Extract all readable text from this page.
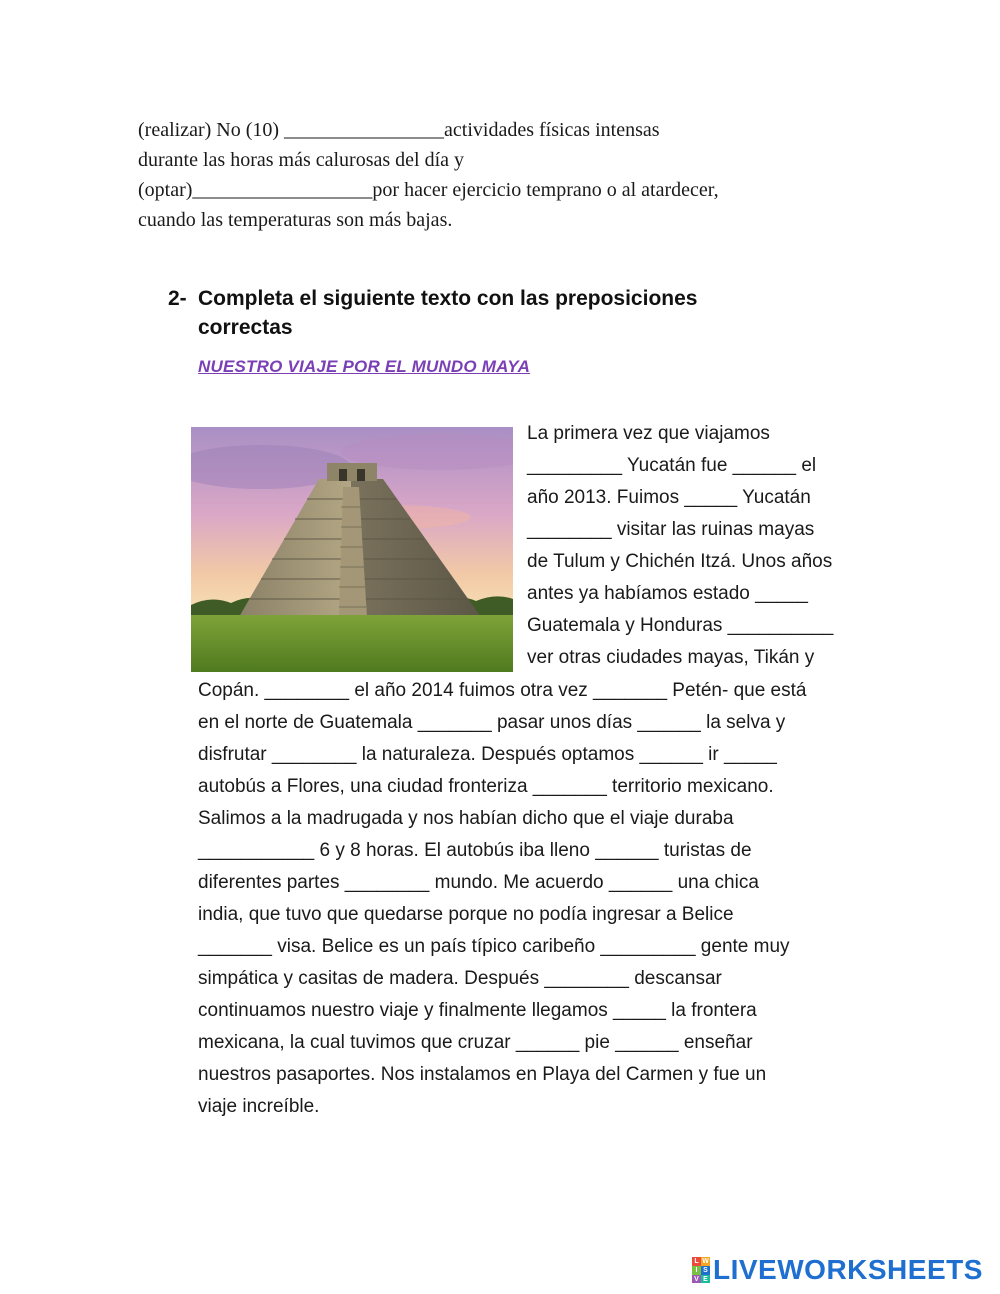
(realizar) No (10) ________________actividades físicas intensas
durante las horas más calurosas del día y
(optar)__________________por hacer ejercicio temprano o al atardecer,
cuando las temperaturas son más bajas.
2- Completa el siguiente texto con las preposiciones
correctas
NUESTRO VIAJE POR EL MUNDO MAYA
La primera vez que viajamos
_________ Yucatán fue ______ el
año 2013. Fuimos _____ Yucatán
________ visitar las ruinas mayas
de Tulum y Chichén Itzá. Unos años
antes ya habíamos estado _____
Guatemala y Honduras __________
ver otras ciudades mayas, Tikán y
Copán. ________ el año 2014 fuimos otra vez _______ Petén- que está
en el norte de Guatemala _______ pasar unos días ______ la selva y
disfrutar ________ la naturaleza. Después optamos ______ ir _____
autobús a Flores, una ciudad fronteriza _______ territorio mexicano.
Salimos a la madrugada y nos habían dicho que el viaje duraba
___________ 6 y 8 horas. El autobús iba lleno ______ turistas de
diferentes partes ________ mundo. Me acuerdo ______ una chica
india, que tuvo que quedarse porque no podía ingresar a Belice
_______ visa. Belice es un país típico caribeño _________ gente muy
simpática y casitas de madera. Después ________ descansar
continuamos nuestro viaje y finalmente llegamos _____ la frontera
mexicana, la cual tuvimos que cruzar ______ pie ______ enseñar
nuestros pasaportes. Nos instalamos en Playa del Carmen y fue un
viaje increíble.
L W
I S
V E LIVEWORKSHEETS
